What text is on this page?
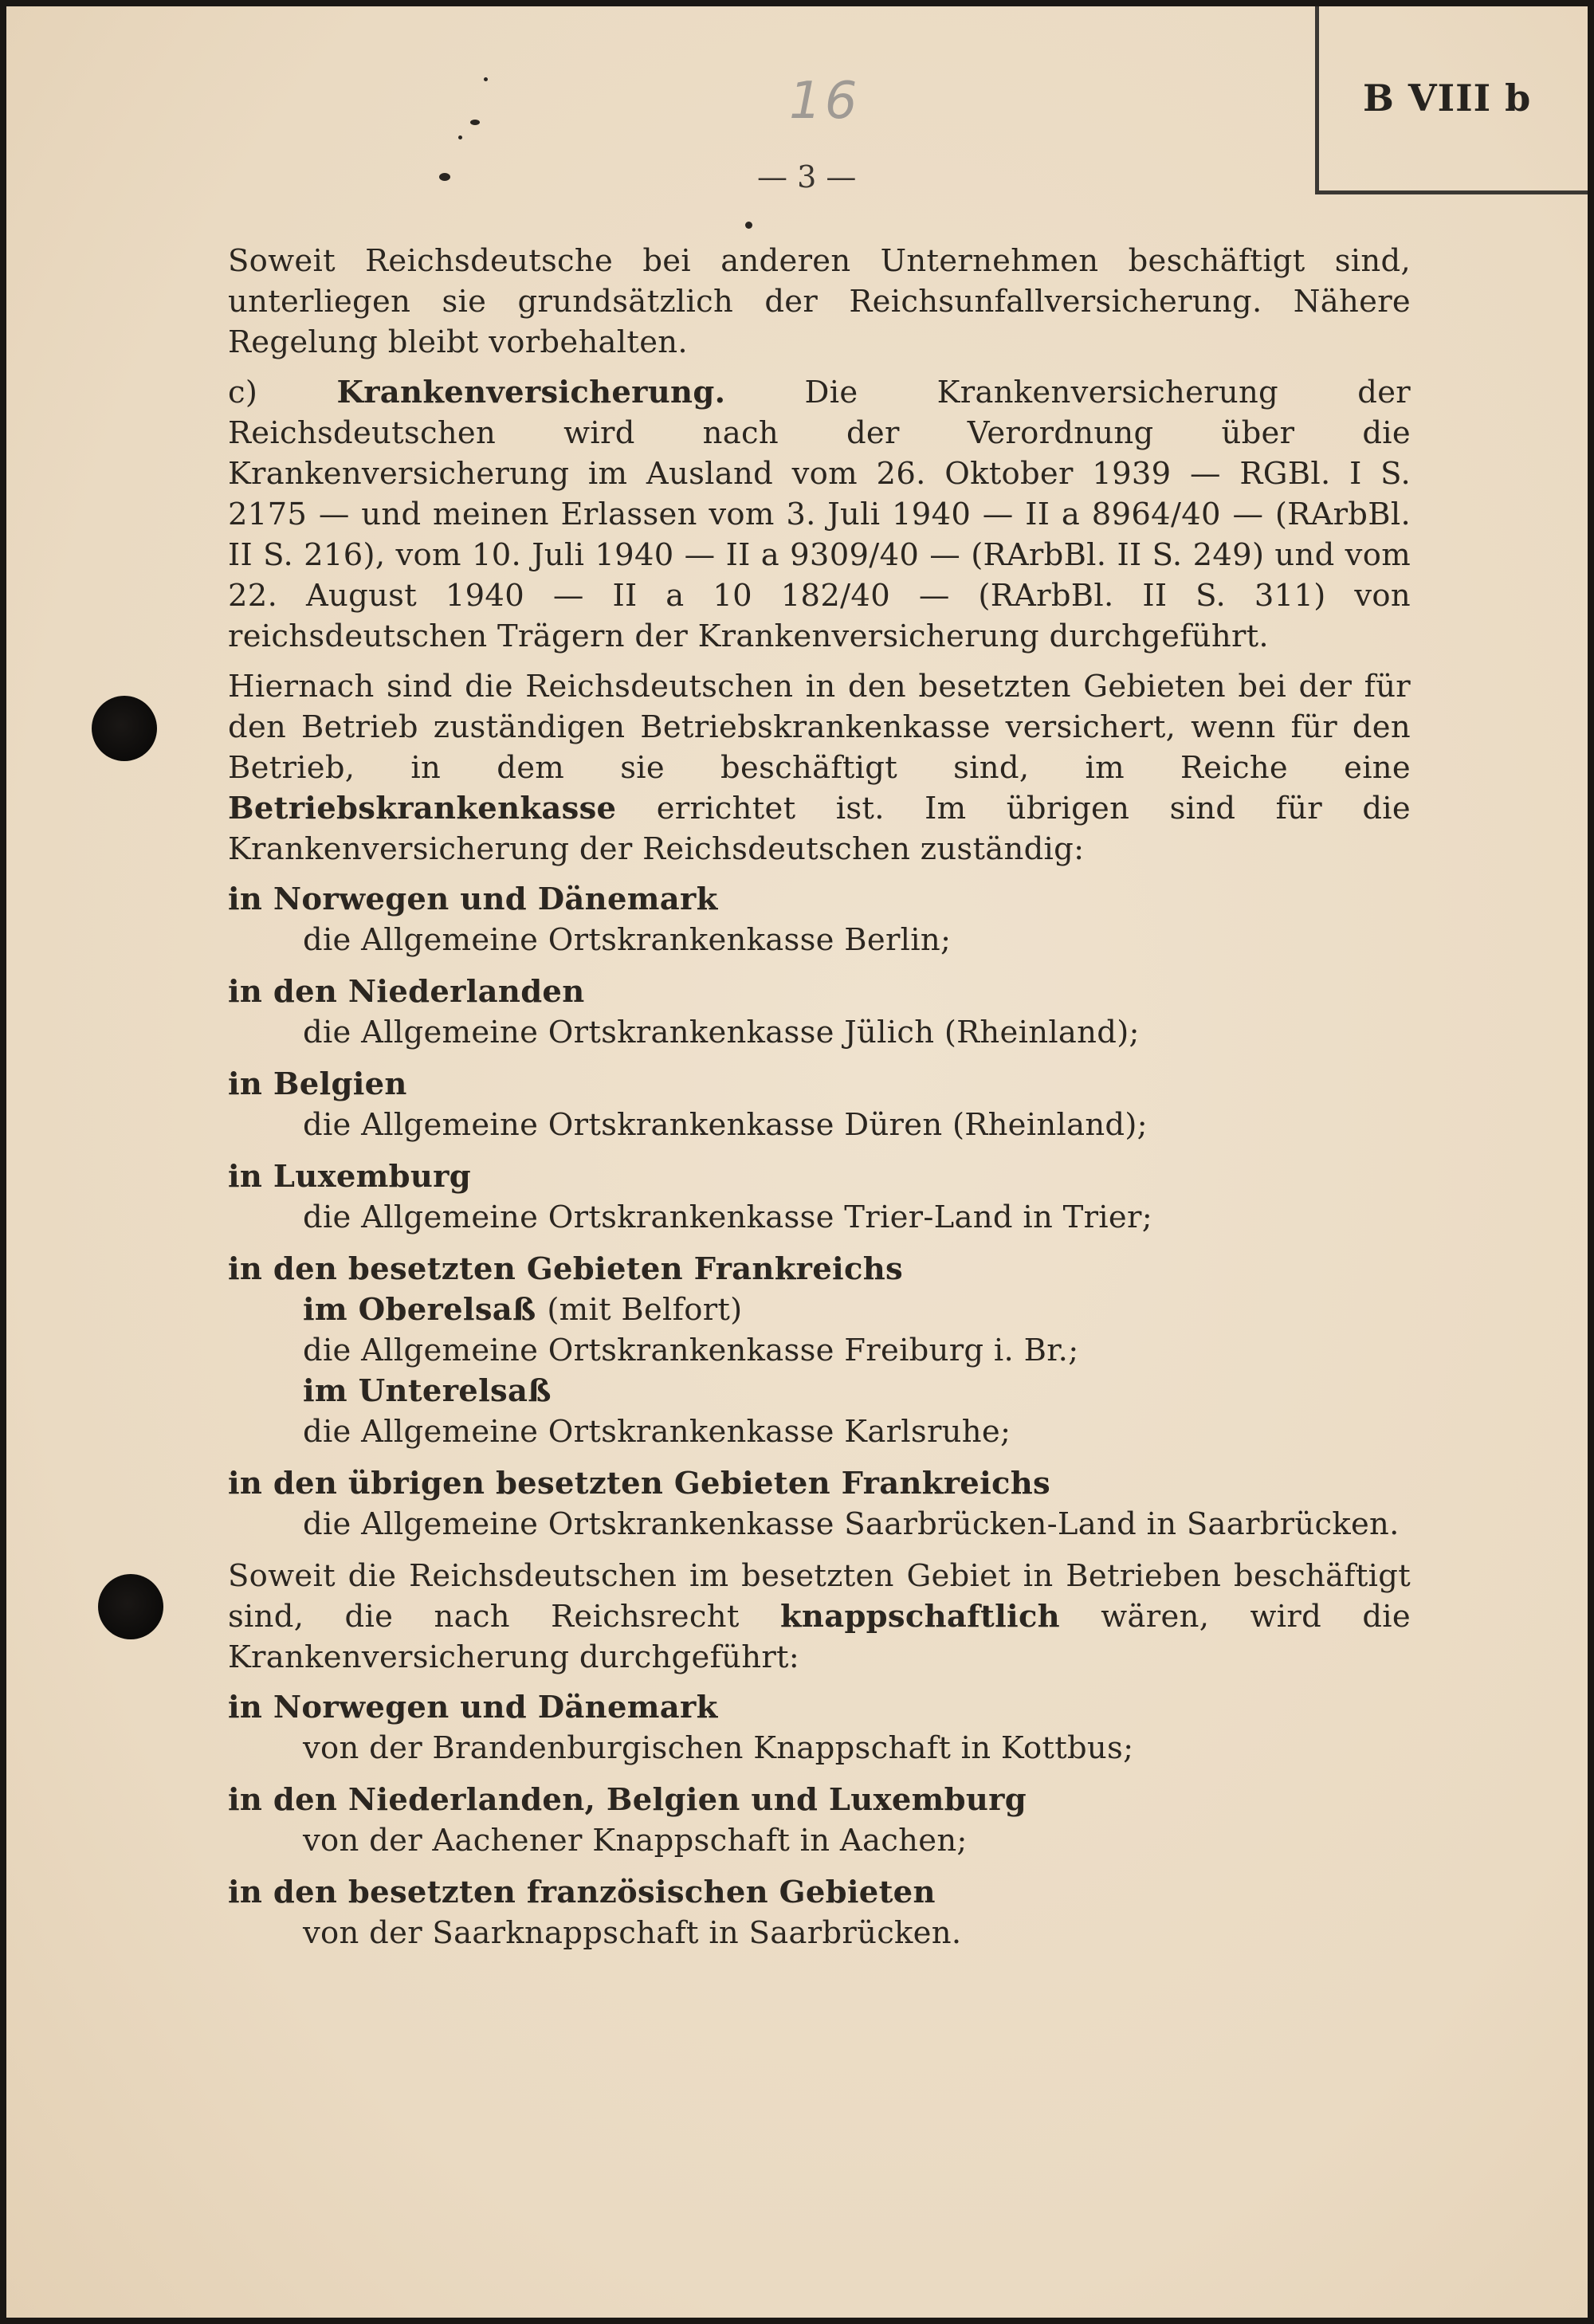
B VIII b
16
— 3 —

Soweit Reichsdeutsche bei anderen Unternehmen beschäftigt sind, unterliegen sie grundsätzlich der Reichsunfallversicherung. Nähere Regelung bleibt vorbehalten.

c)	Krankenversicherung.	Die Krankenversicherung der Reichsdeutschen wird nach der Verordnung über die Krankenversicherung im Ausland vom 26. Oktober 1939 — RGBl. I S. 2175 — und meinen Erlassen vom 3. Juli 1940 — II a 8964/40 — (RArbBl. II S. 216), vom 10. Juli 1940 — II a 9309/40 — (RArbBl. II S. 249) und vom 22. August 1940 — II a 10 182/40 — (RArbBl. II S. 311) von reichsdeutschen Trägern der Krankenversicherung durchgeführt.

Hiernach sind die Reichsdeutschen in den besetzten Gebieten bei der für den Betrieb zuständigen Betriebskrankenkasse versichert, wenn für den Betrieb, in dem sie beschäftigt sind, im Reiche eine Betriebskrankenkasse errichtet ist. Im übrigen sind für die Krankenversicherung der Reichsdeutschen zuständig:

in Norwegen und Dänemark
die Allgemeine Ortskrankenkasse Berlin;
in den Niederlanden
die Allgemeine Ortskrankenkasse Jülich (Rheinland);
in Belgien
die Allgemeine Ortskrankenkasse Düren (Rheinland);
in Luxemburg
die Allgemeine Ortskrankenkasse Trier-Land in Trier;
in den besetzten Gebieten Frankreichs
im Oberelsaß (mit Belfort)
die Allgemeine Ortskrankenkasse Freiburg i. Br.;
im Unterelsaß
die Allgemeine Ortskrankenkasse Karlsruhe;
in den übrigen besetzten Gebieten Frankreichs
die Allgemeine Ortskrankenkasse Saarbrücken-Land in Saarbrücken.

Soweit die Reichsdeutschen im besetzten Gebiet in Betrieben beschäftigt sind, die nach Reichsrecht knappschaftlich wären, wird die Krankenversicherung durchgeführt:

in Norwegen und Dänemark
von der Brandenburgischen Knappschaft in Kottbus;
in den Niederlanden, Belgien und Luxemburg
von der Aachener Knappschaft in Aachen;
in den besetzten französischen Gebieten
von der Saarknappschaft in Saarbrücken.
